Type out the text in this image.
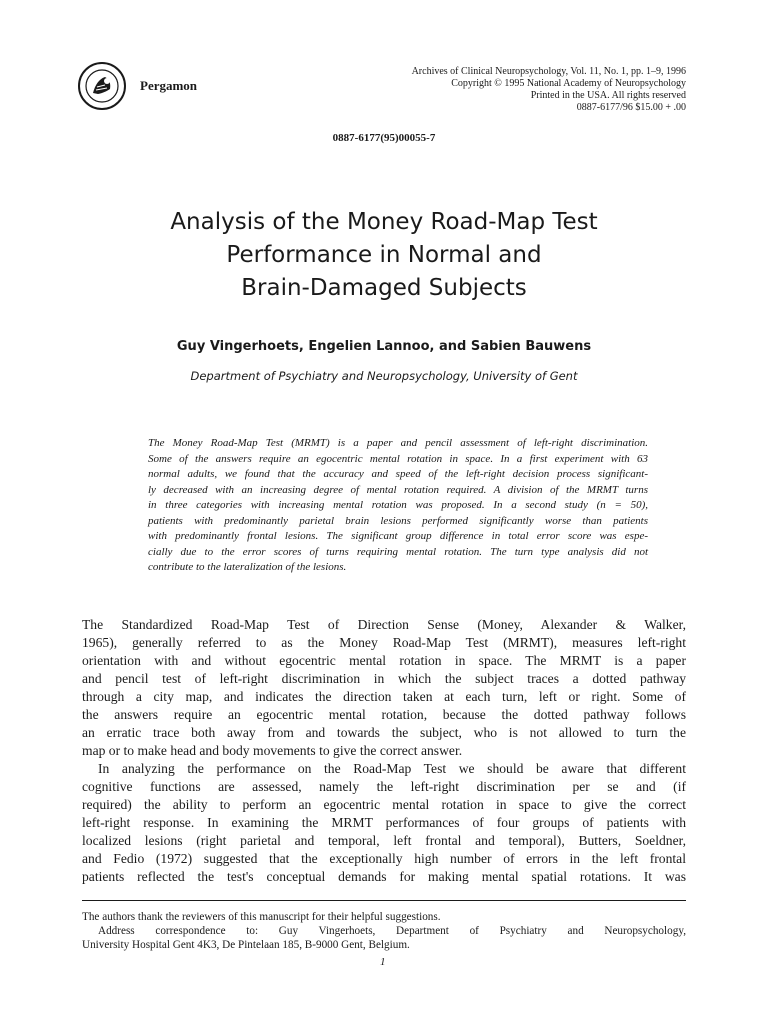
Pergamon
Archives of Clinical Neuropsychology, Vol. 11, No. 1, pp. 1–9, 1996
Copyright © 1995 National Academy of Neuropsychology
Printed in the USA. All rights reserved
0887-6177/96 $15.00 + .00
0887-6177(95)00055-7
Analysis of the Money Road-Map Test
Performance in Normal and
Brain-Damaged Subjects
Guy Vingerhoets, Engelien Lannoo, and Sabien Bauwens
Department of Psychiatry and Neuropsychology, University of Gent
The Money Road-Map Test (MRMT) is a paper and pencil assessment of left-right discrimination.
Some of the answers require an egocentric mental rotation in space. In a first experiment with 63
normal adults, we found that the accuracy and speed of the left-right decision process significant-
ly decreased with an increasing degree of mental rotation required. A division of the MRMT turns
in three categories with increasing mental rotation was proposed. In a second study (n = 50),
patients with predominantly parietal brain lesions performed significantly worse than patients
with predominantly frontal lesions. The significant group difference in total error score was espe-
cially due to the error scores of turns requiring mental rotation. The turn type analysis did not
contribute to the lateralization of the lesions.
The Standardized Road-Map Test of Direction Sense (Money, Alexander & Walker,
1965), generally referred to as the Money Road-Map Test (MRMT), measures left-right
orientation with and without egocentric mental rotation in space. The MRMT is a paper
and pencil test of left-right discrimination in which the subject traces a dotted pathway
through a city map, and indicates the direction taken at each turn, left or right. Some of
the answers require an egocentric mental rotation, because the dotted pathway follows
an erratic trace both away from and towards the subject, who is not allowed to turn the
map or to make head and body movements to give the correct answer.
In analyzing the performance on the Road-Map Test we should be aware that different
cognitive functions are assessed, namely the left-right discrimination per se and (if
required) the ability to perform an egocentric mental rotation in space to give the correct
left-right response. In examining the MRMT performances of four groups of patients with
localized lesions (right parietal and temporal, left frontal and temporal), Butters, Soeldner,
and Fedio (1972) suggested that the exceptionally high number of errors in the left frontal
patients reflected the test's conceptual demands for making mental spatial rotations. It was
The authors thank the reviewers of this manuscript for their helpful suggestions.
Address correspondence to: Guy Vingerhoets, Department of Psychiatry and Neuropsychology,
University Hospital Gent 4K3, De Pintelaan 185, B-9000 Gent, Belgium.
1
